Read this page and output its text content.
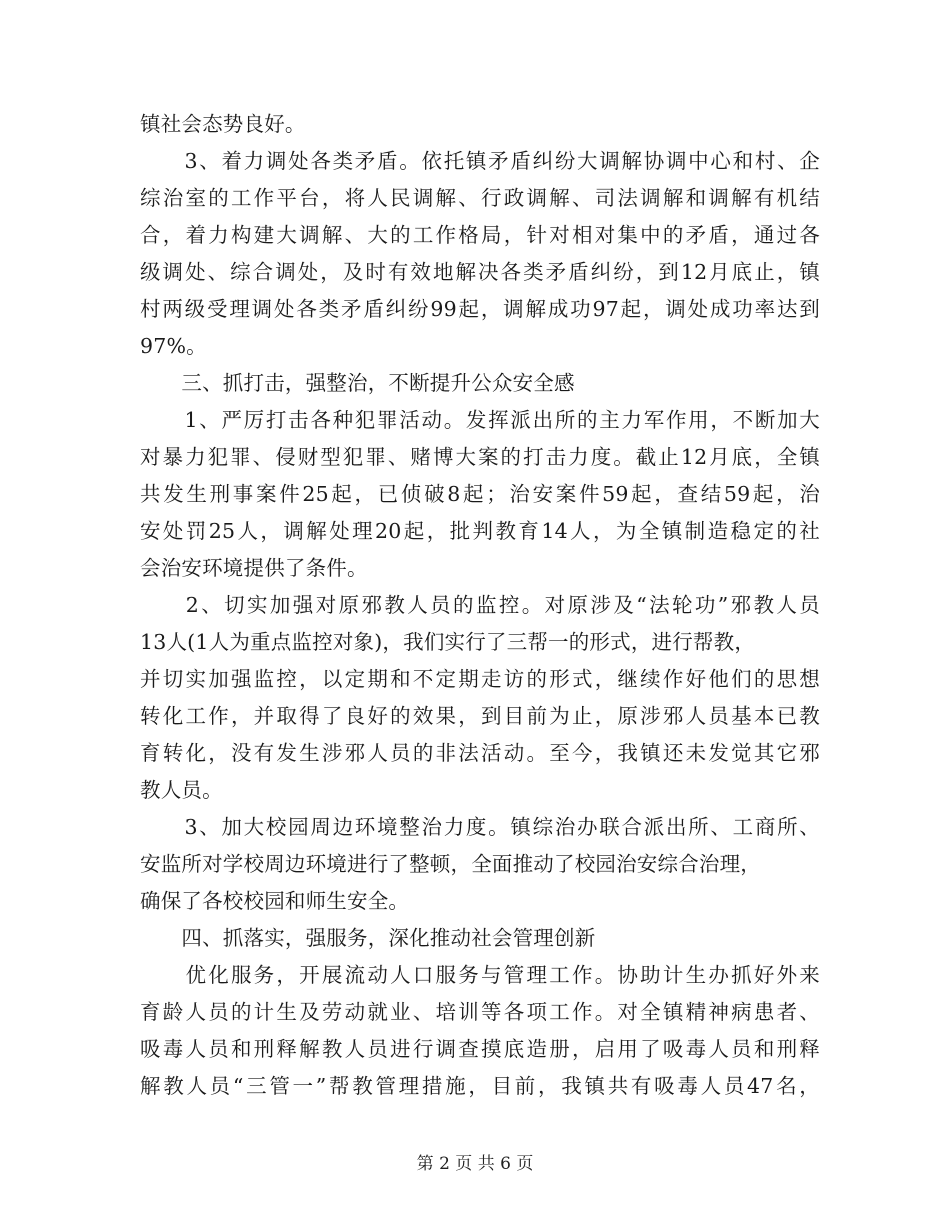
镇社会态势良好。
　　3、着力调处各类矛盾。依托镇矛盾纠纷大调解协调中心和村、企
综治室的工作平台，将人民调解、行政调解、司法调解和调解有机结
合，着力构建大调解、大的工作格局，针对相对集中的矛盾，通过各
级调处、综合调处，及时有效地解决各类矛盾纠纷，到12月底止，镇
村两级受理调处各类矛盾纠纷99起，调解成功97起，调处成功率达到
97%。
　　三、抓打击，强整治，不断提升公众安全感
　　1、严厉打击各种犯罪活动。发挥派出所的主力军作用，不断加大
对暴力犯罪、侵财型犯罪、赌博大案的打击力度。截止12月底，全镇
共发生刑事案件25起，已侦破8起；治安案件59起，查结59起，治
安处罚25人，调解处理20起，批判教育14人，为全镇制造稳定的社
会治安环境提供了条件。
　　2、切实加强对原邪教人员的监控。对原涉及“法轮功”邪教人员
13人(1人为重点监控对象)，我们实行了三帮一的形式，进行帮教，
并切实加强监控，以定期和不定期走访的形式，继续作好他们的思想
转化工作，并取得了良好的效果，到目前为止，原涉邪人员基本已教
育转化，没有发生涉邪人员的非法活动。至今，我镇还未发觉其它邪
教人员。
　　3、加大校园周边环境整治力度。镇综治办联合派出所、工商所、
安监所对学校周边环境进行了整顿，全面推动了校园治安综合治理，
确保了各校校园和师生安全。
　　四、抓落实，强服务，深化推动社会管理创新
　　优化服务，开展流动人口服务与管理工作。协助计生办抓好外来
育龄人员的计生及劳动就业、培训等各项工作。对全镇精神病患者、
吸毒人员和刑释解教人员进行调查摸底造册，启用了吸毒人员和刑释
解教人员“三管一”帮教管理措施，目前，我镇共有吸毒人员47名，
第 2 页 共 6 页
